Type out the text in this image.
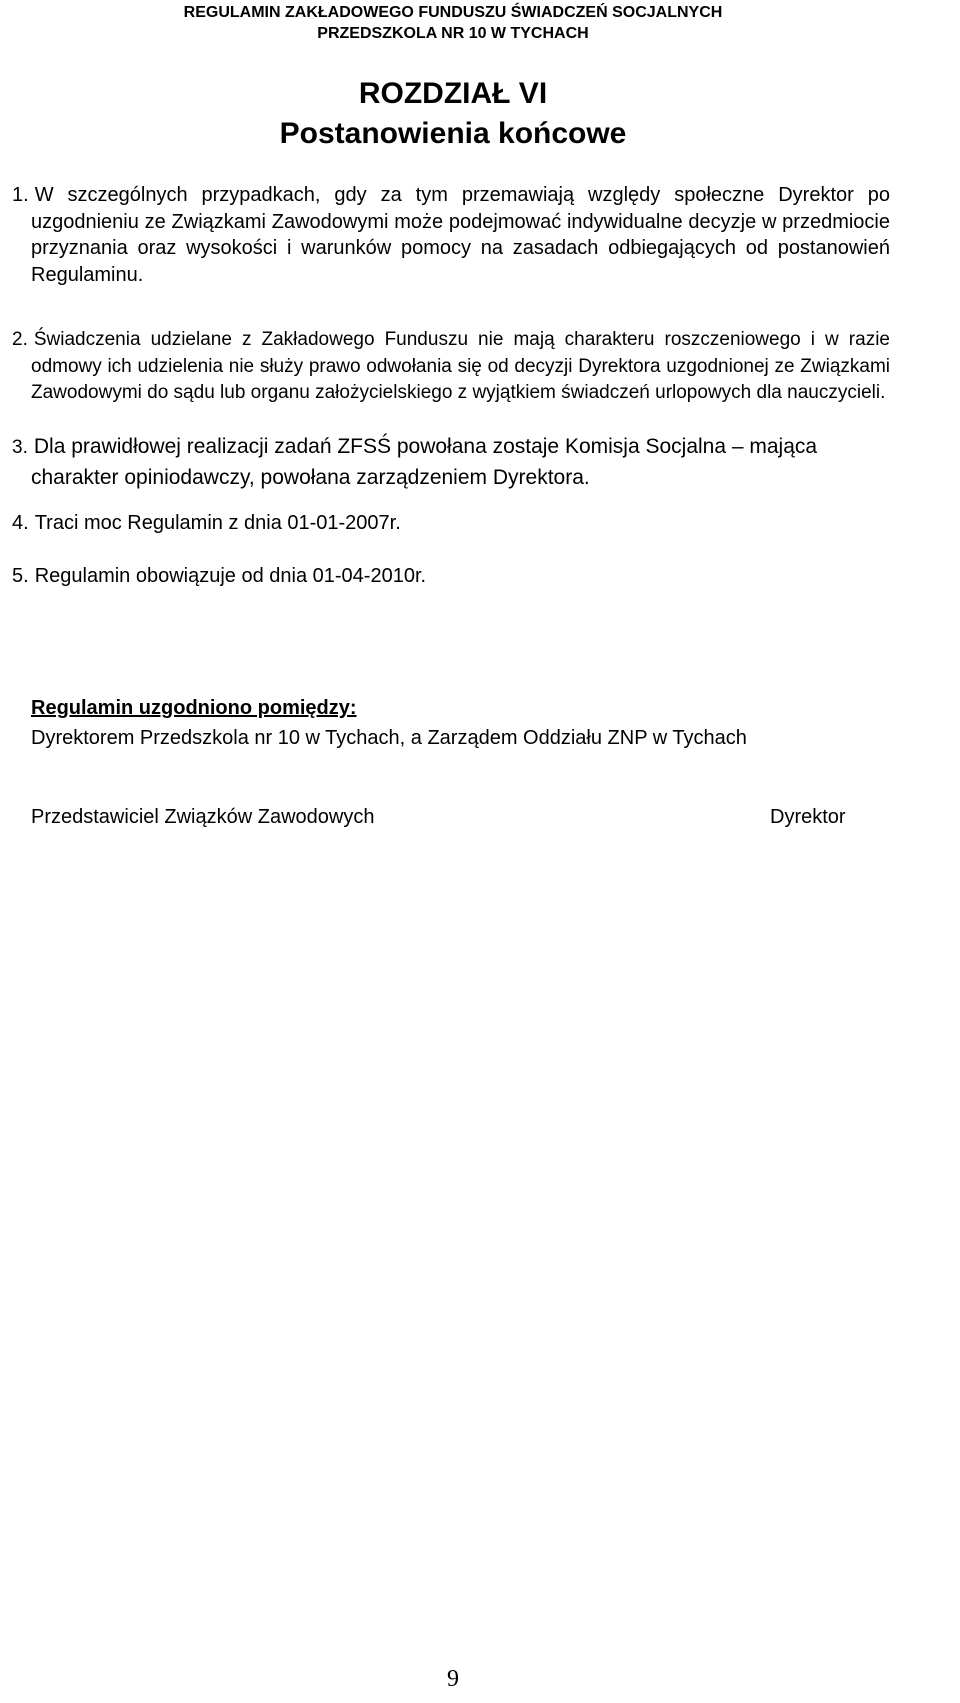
REGULAMIN ZAKŁADOWEGO FUNDUSZU ŚWIADCZEŃ SOCJALNYCH
PRZEDSZKOLA NR 10 W TYCHACH
ROZDZIAŁ VI
Postanowienia końcowe

1. W szczególnych przypadkach, gdy za tym przemawiają względy społeczne Dyrektor po uzgodnieniu ze Związkami Zawodowymi może podejmować indywidualne decyzje w przedmiocie przyznania oraz wysokości i warunków pomocy na zasadach odbiegających od postanowień Regulaminu.

2. Świadczenia udzielane z Zakładowego Funduszu nie mają charakteru roszczeniowego i w razie odmowy ich udzielenia nie służy prawo odwołania się od decyzji Dyrektora uzgodnionej ze Związkami Zawodowymi do sądu lub organu założycielskiego z wyjątkiem świadczeń urlopowych dla nauczycieli.

3. Dla prawidłowej realizacji zadań ZFSŚ powołana zostaje Komisja Socjalna – mająca charakter opiniodawczy, powołana zarządzeniem Dyrektora.

4. Traci moc Regulamin z dnia 01-01-2007r.

5. Regulamin obowiązuje od dnia 01-04-2010r.

Regulamin uzgodniono pomiędzy:
Dyrektorem Przedszkola nr 10 w Tychach, a Zarządem Oddziału ZNP w Tychach
Przedstawiciel Związków Zawodowych	Dyrektor
9
